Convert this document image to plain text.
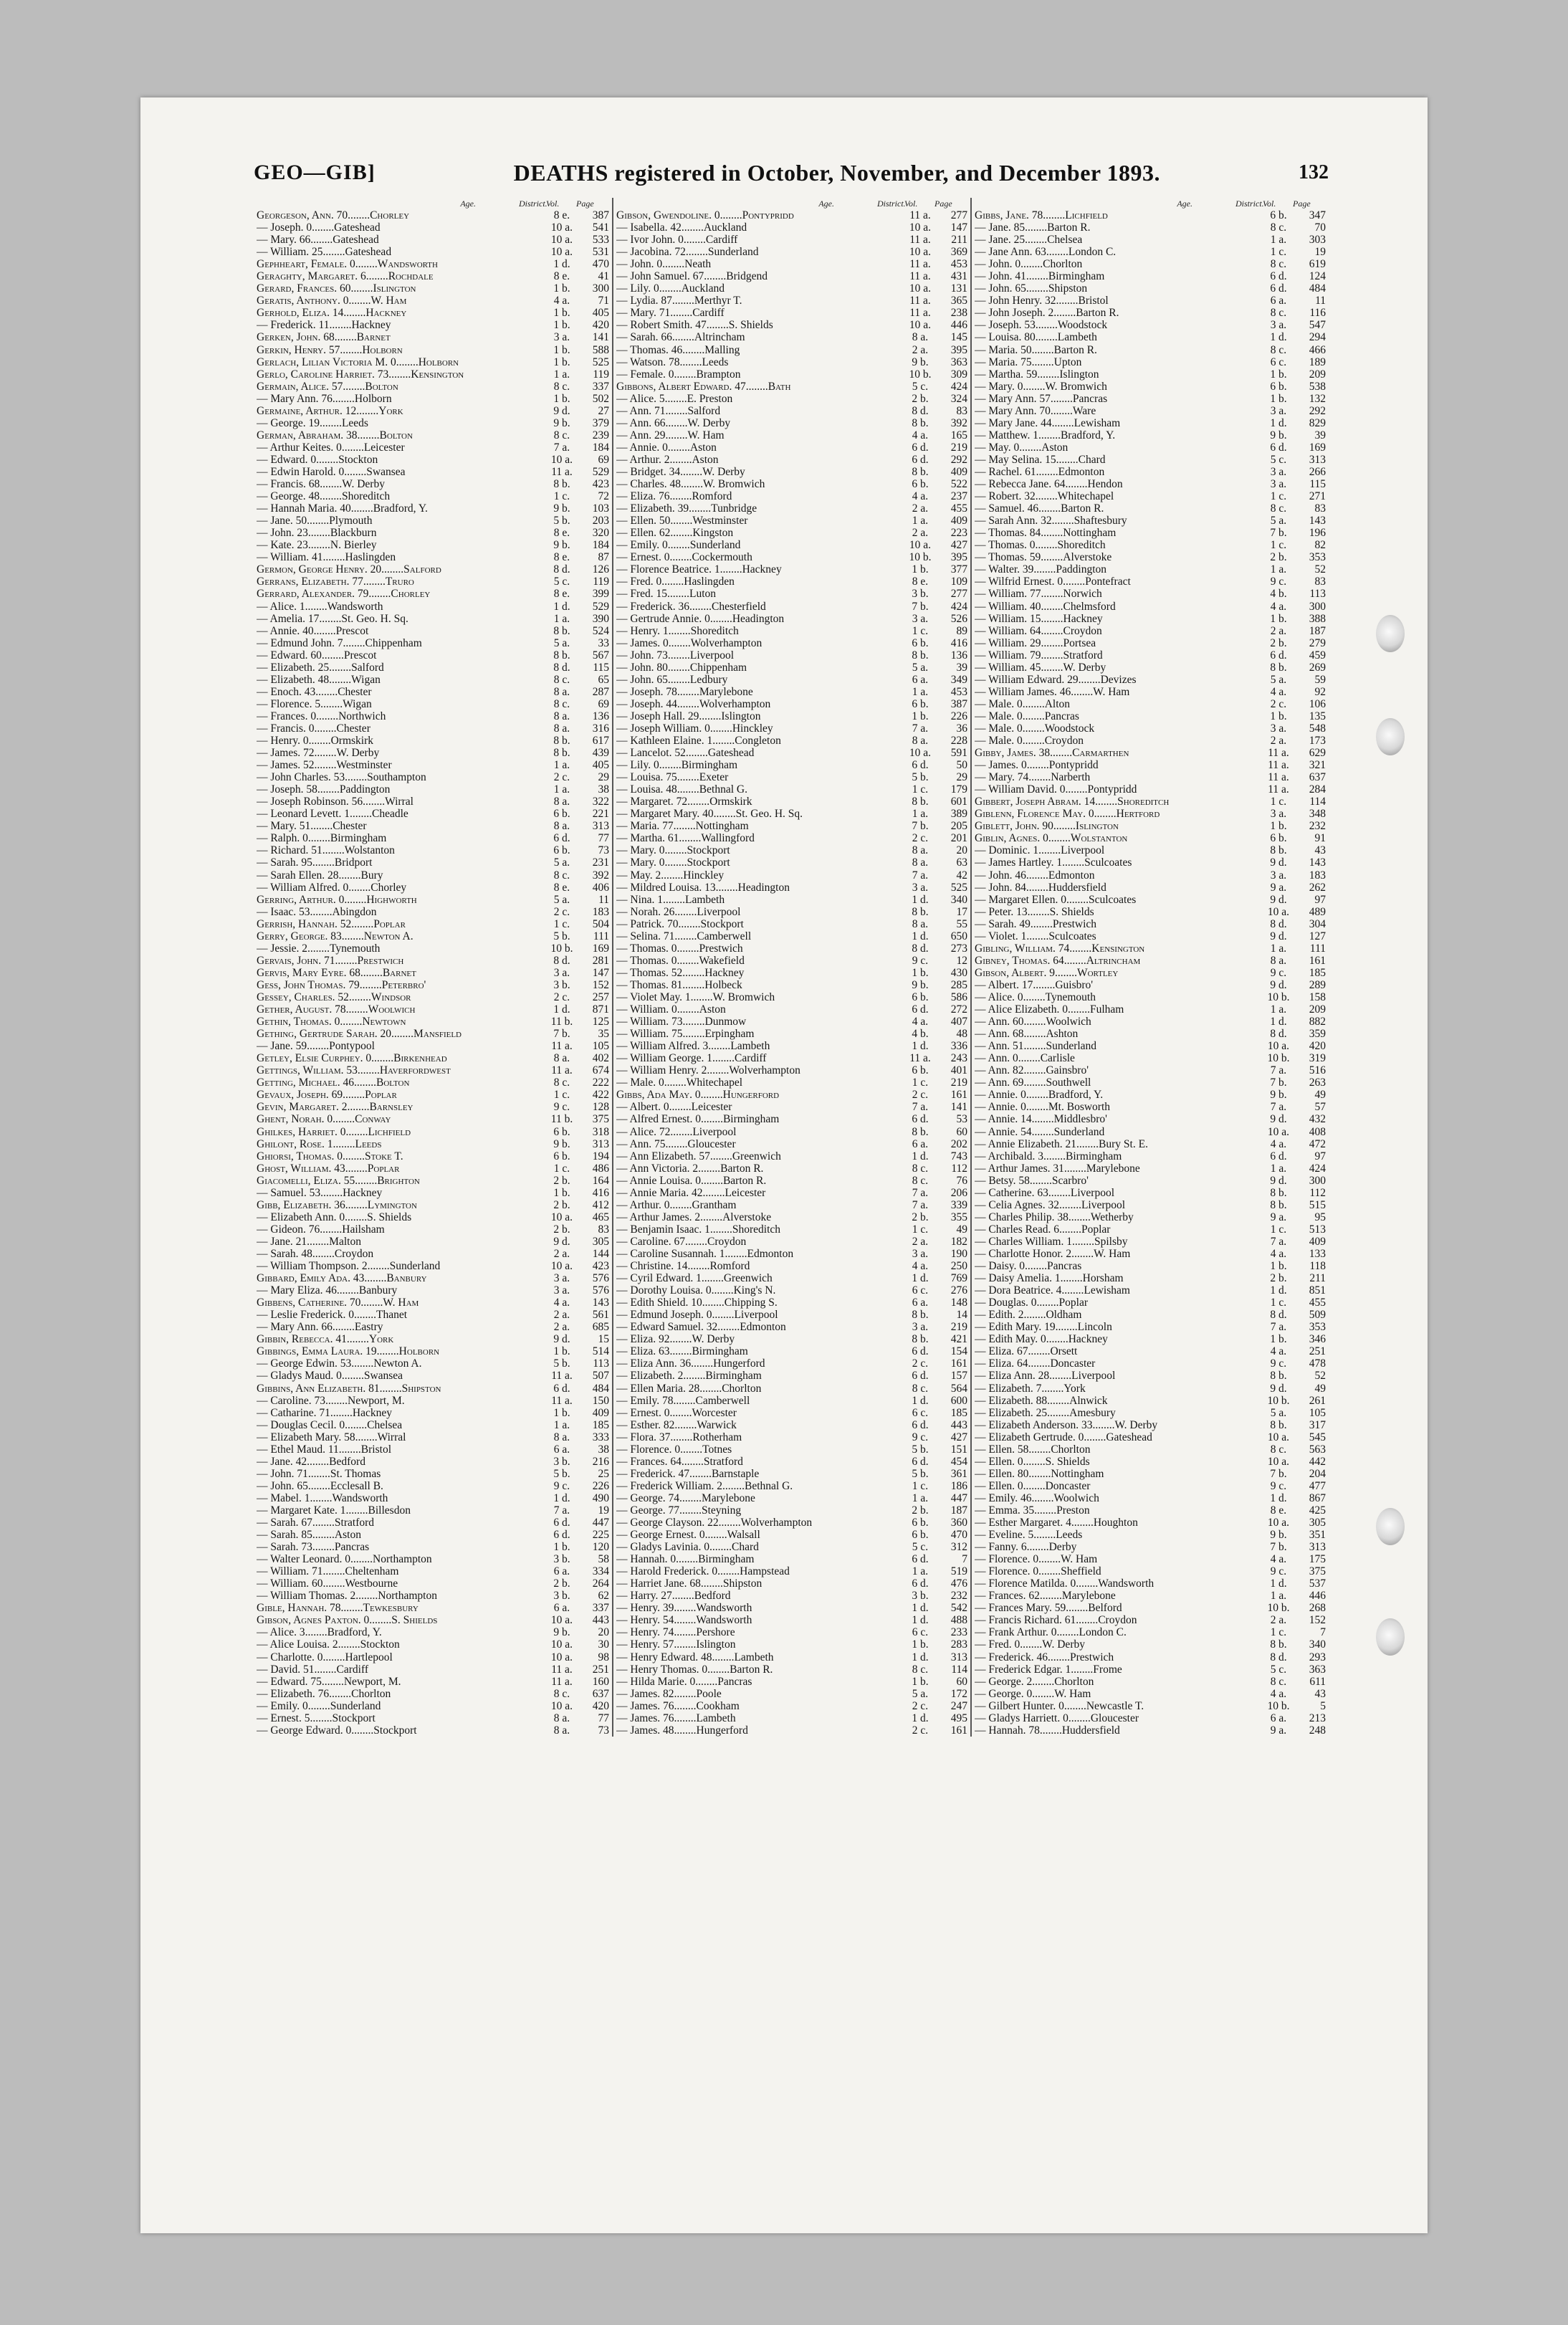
GEO—GIB]	DEATHS registered in October, November, and December 1893.	132
Age.	District.
Vol.	Page
Georgeson, Ann. 70........Chorley	8 e.	387
— Joseph. 0........Gateshead	10 a.	541
— Mary. 66........Gateshead	10 a.	533
— William. 25........Gateshead	10 a.	531
Gephheart, Female. 0........Wandsworth	1 d.	470
Geraghty, Margaret. 6........Rochdale	8 e.	41
Gerard, Frances. 60........Islington	1 b.	300
Geratis, Anthony. 0........W. Ham	4 a.	71
Gerhold, Eliza. 14........Hackney	1 b.	405
— Frederick. 11........Hackney	1 b.	420
Gerken, John. 68........Barnet	3 a.	141
Gerkin, Henry. 57........Holborn	1 b.	588
Gerlach, Lilian Victoria M. 0........Holborn	1 b.	525
Gerlo, Caroline Harriet. 73........Kensington	1 a.	119
Germain, Alice. 57........Bolton	8 c.	337
— Mary Ann. 76........Holborn	1 b.	502
Germaine, Arthur. 12........York	9 d.	27
— George. 19........Leeds	9 b.	379
German, Abraham. 38........Bolton	8 c.	239
— Arthur Keites. 0........Leicester	7 a.	184
— Edward. 0........Stockton	10 a.	69
— Edwin Harold. 0........Swansea	11 a.	529
— Francis. 68........W. Derby	8 b.	423
— George. 48........Shoreditch	1 c.	72
— Hannah Maria. 40........Bradford, Y.	9 b.	103
— Jane. 50........Plymouth	5 b.	203
— John. 23........Blackburn	8 e.	320
— Kate. 23........N. Bierley	9 b.	184
— William. 41........Haslingden	8 e.	87
Germon, George Henry. 20........Salford	8 d.	126
Gerrans, Elizabeth. 77........Truro	5 c.	119
Gerrard, Alexander. 79........Chorley	8 e.	399
— Alice. 1........Wandsworth	1 d.	529
— Amelia. 17........St. Geo. H. Sq.	1 a.	390
— Annie. 40........Prescot	8 b.	524
— Edmund John. 7........Chippenham	5 a.	33
— Edward. 60........Prescot	8 b.	567
— Elizabeth. 25........Salford	8 d.	115
— Elizabeth. 48........Wigan	8 c.	65
— Enoch. 43........Chester	8 a.	287
— Florence. 5........Wigan	8 c.	69
— Frances. 0........Northwich	8 a.	136
— Francis. 0........Chester	8 a.	316
— Henry. 0........Ormskirk	8 b.	617
— James. 72........W. Derby	8 b.	439
— James. 52........Westminster	1 a.	405
— John Charles. 53........Southampton	2 c.	29
— Joseph. 58........Paddington	1 a.	38
— Joseph Robinson. 56........Wirral	8 a.	322
— Leonard Levett. 1........Cheadle	6 b.	221
— Mary. 51........Chester	8 a.	313
— Ralph. 0........Birmingham	6 d.	77
— Richard. 51........Wolstanton	6 b.	73
— Sarah. 95........Bridport	5 a.	231
— Sarah Ellen. 28........Bury	8 c.	392
— William Alfred. 0........Chorley	8 e.	406
Gerring, Arthur. 0........Highworth	5 a.	11
— Isaac. 53........Abingdon	2 c.	183
Gerrish, Hannah. 52........Poplar	1 c.	504
Gerry, George. 83........Newton A.	5 b.	111
— Jessie. 2........Tynemouth	10 b.	169
Gervais, John. 71........Prestwich	8 d.	281
Gervis, Mary Eyre. 68........Barnet	3 a.	147
Gess, John Thomas. 79........Peterbro'	3 b.	152
Gessey, Charles. 52........Windsor	2 c.	257
Gether, August. 78........Woolwich	1 d.	871
Gethin, Thomas. 0........Newtown	11 b.	125
Gething, Gertrude Sarah. 20........Mansfield	7 b.	35
— Jane. 59........Pontypool	11 a.	105
Getley, Elsie Curphey. 0........Birkenhead	8 a.	402
Gettings, William. 53........Haverfordwest	11 a.	674
Getting, Michael. 46........Bolton	8 c.	222
Gevaux, Joseph. 69........Poplar	1 c.	422
Gevin, Margaret. 2........Barnsley	9 c.	128
Ghent, Norah. 0........Conway	11 b.	375
Ghilkes, Harriet. 0........Lichfield	6 b.	318
Ghilont, Rose. 1........Leeds	9 b.	313
Ghiorsi, Thomas. 0........Stoke T.	6 b.	194
Ghost, William. 43........Poplar	1 c.	486
Giacomelli, Eliza. 55........Brighton	2 b.	164
— Samuel. 53........Hackney	1 b.	416
Gibb, Elizabeth. 36........Lymington	2 b.	412
— Elizabeth Ann. 0........S. Shields	10 a.	465
— Gideon. 76........Hailsham	2 b.	83
— Jane. 21........Malton	9 d.	305
— Sarah. 48........Croydon	2 a.	144
— William Thompson. 2........Sunderland	10 a.	423
Gibbard, Emily Ada. 43........Banbury	3 a.	576
— Mary Eliza. 46........Banbury	3 a.	576
Gibbens, Catherine. 70........W. Ham	4 a.	143
— Leslie Frederick. 0........Thanet	2 a.	561
— Mary Ann. 66........Eastry	2 a.	685
Gibbin, Rebecca. 41........York	9 d.	15
Gibbings, Emma Laura. 19........Holborn	1 b.	514
— George Edwin. 53........Newton A.	5 b.	113
— Gladys Maud. 0........Swansea	11 a.	507
Gibbins, Ann Elizabeth. 81........Shipston	6 d.	484
— Caroline. 73........Newport, M.	11 a.	150
— Catharine. 71........Hackney	1 b.	409
— Douglas Cecil. 0........Chelsea	1 a.	185
— Elizabeth Mary. 58........Wirral	8 a.	333
— Ethel Maud. 11........Bristol	6 a.	38
— Jane. 42........Bedford	3 b.	216
— John. 71........St. Thomas	5 b.	25
— John. 65........Ecclesall B.	9 c.	226
— Mabel. 1........Wandsworth	1 d.	490
— Margaret Kate. 1........Billesdon	7 a.	19
— Sarah. 67........Stratford	6 d.	447
— Sarah. 85........Aston	6 d.	225
— Sarah. 73........Pancras	1 b.	120
— Walter Leonard. 0........Northampton	3 b.	58
— William. 71........Cheltenham	6 a.	334
— William. 60........Westbourne	2 b.	264
— William Thomas. 2........Northampton	3 b.	62
Gible, Hannah. 78........Tewkesbury	6 a.	337
Gibson, Agnes Paxton. 0........S. Shields	10 a.	443
— Alice. 3........Bradford, Y.	9 b.	20
— Alice Louisa. 2........Stockton	10 a.	30
— Charlotte. 0........Hartlepool	10 a.	98
— David. 51........Cardiff	11 a.	251
— Edward. 75........Newport, M.	11 a.	160
— Elizabeth. 76........Chorlton	8 c.	637
— Emily. 0........Sunderland	10 a.	420
— Ernest. 5........Stockport	8 a.	77
— George Edward. 0........Stockport	8 a.	73
Age.	District.
Vol.	Page
Gibson, Gwendoline. 0........Pontypridd	11 a.	277
— Isabella. 42........Auckland	10 a.	147
— Ivor John. 0........Cardiff	11 a.	211
— Jacobina. 72........Sunderland	10 a.	369
— John. 0........Neath	11 a.	453
— John Samuel. 67........Bridgend	11 a.	431
— Lily. 0........Auckland	10 a.	131
— Lydia. 87........Merthyr T.	11 a.	365
— Mary. 71........Cardiff	11 a.	238
— Robert Smith. 47........S. Shields	10 a.	446
— Sarah. 66........Altrincham	8 a.	145
— Thomas. 46........Malling	2 a.	395
— Watson. 78........Leeds	9 b.	363
— Female. 0........Brampton	10 b.	309
Gibbons, Albert Edward. 47........Bath	5 c.	424
— Alice. 5........E. Preston	2 b.	324
— Ann. 71........Salford	8 d.	83
— Ann. 66........W. Derby	8 b.	392
— Ann. 29........W. Ham	4 a.	165
— Annie. 0........Aston	6 d.	219
— Arthur. 2........Aston	6 d.	292
— Bridget. 34........W. Derby	8 b.	409
— Charles. 48........W. Bromwich	6 b.	522
— Eliza. 76........Romford	4 a.	237
— Elizabeth. 39........Tunbridge	2 a.	455
— Ellen. 50........Westminster	1 a.	409
— Ellen. 62........Kingston	2 a.	223
— Emily. 0........Sunderland	10 a.	427
— Ernest. 0........Cockermouth	10 b.	395
— Florence Beatrice. 1........Hackney	1 b.	377
— Fred. 0........Haslingden	8 e.	109
— Fred. 15........Luton	3 b.	277
— Frederick. 36........Chesterfield	7 b.	424
— Gertrude Annie. 0........Headington	3 a.	526
— Henry. 1........Shoreditch	1 c.	89
— James. 0........Wolverhampton	6 b.	416
— John. 73........Liverpool	8 b.	136
— John. 80........Chippenham	5 a.	39
— John. 65........Ledbury	6 a.	349
— Joseph. 78........Marylebone	1 a.	453
— Joseph. 44........Wolverhampton	6 b.	387
— Joseph Hall. 29........Islington	1 b.	226
— Joseph William. 0........Hinckley	7 a.	36
— Kathleen Elaine. 1........Congleton	8 a.	228
— Lancelot. 52........Gateshead	10 a.	591
— Lily. 0........Birmingham	6 d.	50
— Louisa. 75........Exeter	5 b.	29
— Louisa. 48........Bethnal G.	1 c.	179
— Margaret. 72........Ormskirk	8 b.	601
— Margaret Mary. 40........St. Geo. H. Sq.	1 a.	389
— Maria. 77........Nottingham	7 b.	205
— Martha. 61........Wallingford	2 c.	201
— Mary. 0........Stockport	8 a.	20
— Mary. 0........Stockport	8 a.	63
— May. 2........Hinckley	7 a.	42
— Mildred Louisa. 13........Headington	3 a.	525
— Nina. 1........Lambeth	1 d.	340
— Norah. 26........Liverpool	8 b.	17
— Patrick. 70........Stockport	8 a.	55
— Selina. 71........Camberwell	1 d.	650
— Thomas. 0........Prestwich	8 d.	273
— Thomas. 0........Wakefield	9 c.	12
— Thomas. 52........Hackney	1 b.	430
— Thomas. 81........Holbeck	9 b.	285
— Violet May. 1........W. Bromwich	6 b.	586
— William. 0........Aston	6 d.	272
— William. 73........Dunmow	4 a.	407
— William. 75........Erpingham	4 b.	48
— William Alfred. 3........Lambeth	1 d.	336
— William George. 1........Cardiff	11 a.	243
— William Henry. 2........Wolverhampton	6 b.	401
— Male. 0........Whitechapel	1 c.	219
Gibbs, Ada May. 0........Hungerford	2 c.	161
— Albert. 0........Leicester	7 a.	141
— Alfred Ernest. 0........Birmingham	6 d.	53
— Alice. 72........Liverpool	8 b.	60
— Ann. 75........Gloucester	6 a.	202
— Ann Elizabeth. 57........Greenwich	1 d.	743
— Ann Victoria. 2........Barton R.	8 c.	112
— Annie Louisa. 0........Barton R.	8 c.	76
— Annie Maria. 42........Leicester	7 a.	206
— Arthur. 0........Grantham	7 a.	339
— Arthur James. 2........Alverstoke	2 b.	355
— Benjamin Isaac. 1........Shoreditch	1 c.	49
— Caroline. 67........Croydon	2 a.	182
— Caroline Susannah. 1........Edmonton	3 a.	190
— Christine. 14........Romford	4 a.	250
— Cyril Edward. 1........Greenwich	1 d.	769
— Dorothy Louisa. 0........King's N.	6 c.	276
— Edith Shield. 10........Chipping S.	6 a.	148
— Edmund Joseph. 0........Liverpool	8 b.	14
— Edward Samuel. 32........Edmonton	3 a.	219
— Eliza. 92........W. Derby	8 b.	421
— Eliza. 63........Birmingham	6 d.	154
— Eliza Ann. 36........Hungerford	2 c.	161
— Elizabeth. 2........Birmingham	6 d.	157
— Ellen Maria. 28........Chorlton	8 c.	564
— Emily. 78........Camberwell	1 d.	600
— Ernest. 0........Worcester	6 c.	185
— Esther. 82........Warwick	6 d.	443
— Flora. 37........Rotherham	9 c.	427
— Florence. 0........Totnes	5 b.	151
— Frances. 64........Stratford	6 d.	454
— Frederick. 47........Barnstaple	5 b.	361
— Frederick William. 2........Bethnal G.	1 c.	186
— George. 74........Marylebone	1 a.	447
— George. 77........Steyning	2 b.	187
— George Clayson. 22........Wolverhampton	6 b.	360
— George Ernest. 0........Walsall	6 b.	470
— Gladys Lavinia. 0........Chard	5 c.	312
— Hannah. 0........Birmingham	6 d.	7
— Harold Frederick. 0........Hampstead	1 a.	519
— Harriet Jane. 68........Shipston	6 d.	476
— Harry. 27........Bedford	3 b.	232
— Henry. 39........Wandsworth	1 d.	542
— Henry. 54........Wandsworth	1 d.	488
— Henry. 74........Pershore	6 c.	233
— Henry. 57........Islington	1 b.	283
— Henry Edward. 48........Lambeth	1 d.	313
— Henry Thomas. 0........Barton R.	8 c.	114
— Hilda Marie. 0........Pancras	1 b.	60
— James. 82........Poole	5 a.	172
— James. 76........Cookham	2 c.	247
— James. 76........Lambeth	1 d.	495
— James. 48........Hungerford	2 c.	161
Age.	District.
Vol.	Page
Gibbs, Jane. 78........Lichfield	6 b.	347
— Jane. 85........Barton R.	8 c.	70
— Jane. 25........Chelsea	1 a.	303
— Jane Ann. 63........London C.	1 c.	19
— John. 0........Chorlton	8 c.	619
— John. 41........Birmingham	6 d.	124
— John. 65........Shipston	6 d.	484
— John Henry. 32........Bristol	6 a.	11
— John Joseph. 2........Barton R.	8 c.	116
— Joseph. 53........Woodstock	3 a.	547
— Louisa. 80........Lambeth	1 d.	294
— Maria. 50........Barton R.	8 c.	466
— Maria. 75........Upton	6 c.	189
— Martha. 59........Islington	1 b.	209
— Mary. 0........W. Bromwich	6 b.	538
— Mary Ann. 57........Pancras	1 b.	132
— Mary Ann. 70........Ware	3 a.	292
— Mary Jane. 44........Lewisham	1 d.	829
— Matthew. 1........Bradford, Y.	9 b.	39
— May. 0........Aston	6 d.	169
— May Selina. 15........Chard	5 c.	313
— Rachel. 61........Edmonton	3 a.	266
— Rebecca Jane. 64........Hendon	3 a.	115
— Robert. 32........Whitechapel	1 c.	271
— Samuel. 46........Barton R.	8 c.	83
— Sarah Ann. 32........Shaftesbury	5 a.	143
— Thomas. 84........Nottingham	7 b.	196
— Thomas. 0........Shoreditch	1 c.	82
— Thomas. 59........Alverstoke	2 b.	353
— Walter. 39........Paddington	1 a.	52
— Wilfrid Ernest. 0........Pontefract	9 c.	83
— William. 77........Norwich	4 b.	113
— William. 40........Chelmsford	4 a.	300
— William. 15........Hackney	1 b.	388
— William. 64........Croydon	2 a.	187
— William. 29........Portsea	2 b.	279
— William. 79........Stratford	6 d.	459
— William. 45........W. Derby	8 b.	269
— William Edward. 29........Devizes	5 a.	59
— William James. 46........W. Ham	4 a.	92
— Male. 0........Alton	2 c.	106
— Male. 0........Pancras	1 b.	135
— Male. 0........Woodstock	3 a.	548
— Male. 0........Croydon	2 a.	173
Gibby, James. 38........Carmarthen	11 a.	629
— James. 0........Pontypridd	11 a.	321
— Mary. 74........Narberth	11 a.	637
— William David. 0........Pontypridd	11 a.	284
Gibbert, Joseph Abram. 14........Shoreditch	1 c.	114
Giblenn, Florence May. 0........Hertford	3 a.	348
Giblett, John. 90........Islington	1 b.	232
Giblin, Agnes. 0........Wolstanton	6 b.	91
— Dominic. 1........Liverpool	8 b.	43
— James Hartley. 1........Sculcoates	9 d.	143
— John. 46........Edmonton	3 a.	183
— John. 84........Huddersfield	9 a.	262
— Margaret Ellen. 0........Sculcoates	9 d.	97
— Peter. 13........S. Shields	10 a.	489
— Sarah. 49........Prestwich	8 d.	304
— Violet. 1........Sculcoates	9 d.	127
Gibling, William. 74........Kensington	1 a.	111
Gibney, Thomas. 64........Altrincham	8 a.	161
Gibson, Albert. 9........Wortley	9 c.	185
— Albert. 17........Guisbro'	9 d.	289
— Alice. 0........Tynemouth	10 b.	158
— Alice Elizabeth. 0........Fulham	1 a.	209
— Ann. 60........Woolwich	1 d.	882
— Ann. 68........Ashton	8 d.	359
— Ann. 51........Sunderland	10 a.	420
— Ann. 0........Carlisle	10 b.	319
— Ann. 82........Gainsbro'	7 a.	516
— Ann. 69........Southwell	7 b.	263
— Annie. 0........Bradford, Y.	9 b.	49
— Annie. 0........Mt. Bosworth	7 a.	57
— Annie. 14........Middlesbro'	9 d.	432
— Annie. 54........Sunderland	10 a.	408
— Annie Elizabeth. 21........Bury St. E.	4 a.	472
— Archibald. 3........Birmingham	6 d.	97
— Arthur James. 31........Marylebone	1 a.	424
— Betsy. 58........Scarbro'	9 d.	300
— Catherine. 63........Liverpool	8 b.	112
— Celia Agnes. 32........Liverpool	8 b.	515
— Charles Philip. 38........Wetherby	9 a.	95
— Charles Read. 6........Poplar	1 c.	513
— Charles William. 1........Spilsby	7 a.	409
— Charlotte Honor. 2........W. Ham	4 a.	133
— Daisy. 0........Pancras	1 b.	118
— Daisy Amelia. 1........Horsham	2 b.	211
— Dora Beatrice. 4........Lewisham	1 d.	851
— Douglas. 0........Poplar	1 c.	455
— Edith. 2........Oldham	8 d.	509
— Edith Mary. 19........Lincoln	7 a.	353
— Edith May. 0........Hackney	1 b.	346
— Eliza. 67........Orsett	4 a.	251
— Eliza. 64........Doncaster	9 c.	478
— Eliza Ann. 28........Liverpool	8 b.	52
— Elizabeth. 7........York	9 d.	49
— Elizabeth. 88........Alnwick	10 b.	261
— Elizabeth. 25........Amesbury	5 a.	105
— Elizabeth Anderson. 33........W. Derby	8 b.	317
— Elizabeth Gertrude. 0........Gateshead	10 a.	545
— Ellen. 58........Chorlton	8 c.	563
— Ellen. 0........S. Shields	10 a.	442
— Ellen. 80........Nottingham	7 b.	204
— Ellen. 0........Doncaster	9 c.	477
— Emily. 46........Woolwich	1 d.	867
— Emma. 35........Preston	8 e.	425
— Esther Margaret. 4........Houghton	10 a.	305
— Eveline. 5........Leeds	9 b.	351
— Fanny. 6........Derby	7 b.	313
— Florence. 0........W. Ham	4 a.	175
— Florence. 0........Sheffield	9 c.	375
— Florence Matilda. 0........Wandsworth	1 d.	537
— Frances. 62........Marylebone	1 a.	446
— Frances Mary. 59........Belford	10 b.	268
— Francis Richard. 61........Croydon	2 a.	152
— Frank Arthur. 0........London C.	1 c.	7
— Fred. 0........W. Derby	8 b.	340
— Frederick. 46........Prestwich	8 d.	293
— Frederick Edgar. 1........Frome	5 c.	363
— George. 2........Chorlton	8 c.	611
— George. 0........W. Ham	4 a.	43
— Gilbert Hunter. 0........Newcastle T.	10 b.	5
— Gladys Harriett. 0........Gloucester	6 a.	213
— Hannah. 78........Huddersfield	9 a.	248
